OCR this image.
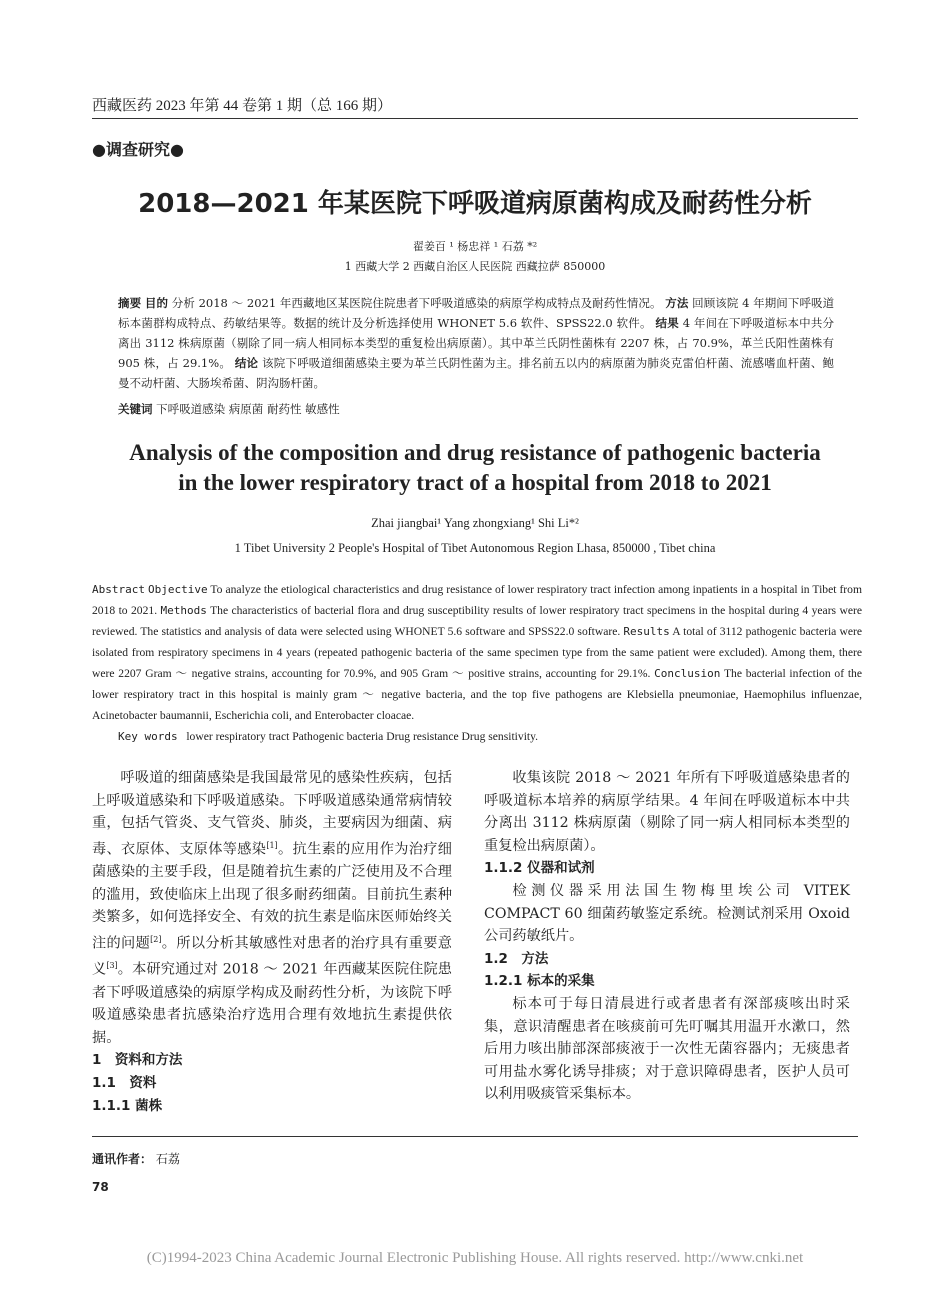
西藏医药 2023 年第 44 卷第 1 期（总 166 期）
●调查研究●
2018—2021 年某医院下呼吸道病原菌构成及耐药性分析
翟姜百 ¹ 杨忠祥 ¹ 石荔 *²
1 西藏大学 2 西藏自治区人民医院 西藏拉萨 850000
摘要 目的 分析 2018 ～ 2021 年西藏地区某医院住院患者下呼吸道感染的病原学构成特点及耐药性情况。 方法 回顾该院 4 年期间下呼吸道标本菌群构成特点、药敏结果等。数据的统计及分析选择使用 WHONET 5.6 软件、SPSS22.0 软件。 结果 4 年间在下呼吸道标本中共分离出 3112 株病原菌（剔除了同一病人相同标本类型的重复检出病原菌）。其中革兰氏阴性菌株有 2207 株，占 70.9%，革兰氏阳性菌株有 905 株，占 29.1%。 结论 该院下呼吸道细菌感染主要为革兰氏阴性菌为主。排名前五以内的病原菌为肺炎克雷伯杆菌、流感嗜血杆菌、鲍曼不动杆菌、大肠埃希菌、阴沟肠杆菌。
关键词 下呼吸道感染 病原菌 耐药性 敏感性
Analysis of the composition and drug resistance of pathogenic bacteria
in the lower respiratory tract of a hospital from 2018 to 2021
Zhai jiangbai¹ Yang zhongxiang¹ Shi Li*²
1 Tibet University 2 People's Hospital of Tibet Autonomous Region Lhasa, 850000 , Tibet china
Abstract Objective To analyze the etiological characteristics and drug resistance of lower respiratory tract infection among inpatients in a hospital in Tibet from 2018 to 2021. Methods The characteristics of bacterial flora and drug susceptibility results of lower respiratory tract specimens in the hospital during 4 years were reviewed. The statistics and analysis of data were selected using WHONET 5.6 software and SPSS22.0 software. Results A total of 3112 pathogenic bacteria were isolated from respiratory specimens in 4 years (repeated pathogenic bacteria of the same specimen type from the same patient were excluded). Among them, there were 2207 Gram ～ negative strains, accounting for 70.9%, and 905 Gram ～ positive strains, accounting for 29.1%. Conclusion The bacterial infection of the lower respiratory tract in this hospital is mainly gram ～ negative bacteria, and the top five pathogens are Klebsiella pneumoniae, Haemophilus influenzae, Acinetobacter baumannii, Escherichia coli, and Enterobacter cloacae.
Key words lower respiratory tract Pathogenic bacteria Drug resistance Drug sensitivity.

呼吸道的细菌感染是我国最常见的感染性疾病，包括上呼吸道感染和下呼吸道感染。下呼吸道感染通常病情较重，包括气管炎、支气管炎、肺炎，主要病因为细菌、病毒、衣原体、支原体等感染[1]。抗生素的应用作为治疗细菌感染的主要手段，但是随着抗生素的广泛使用及不合理的滥用，致使临床上出现了很多耐药细菌。目前抗生素种类繁多，如何选择安全、有效的抗生素是临床医师始终关注的问题[2]。所以分析其敏感性对患者的治疗具有重要意义[3]。本研究通过对 2018 ～ 2021 年西藏某医院住院患者下呼吸道感染的病原学构成及耐药性分析，为该院下呼吸道感染患者抗感染治疗选用合理有效地抗生素提供依据。

1　资料和方法

1.1　资料

1.1.1 菌株

收集该院 2018 ～ 2021 年所有下呼吸道感染患者的呼吸道标本培养的病原学结果。4 年间在呼吸道标本中共分离出 3112 株病原菌（剔除了同一病人相同标本类型的重复检出病原菌）。

1.1.2 仪器和试剂

检测仪器采用法国生物梅里埃公司 VITEK COMPACT 60 细菌药敏鉴定系统。检测试剂采用 Oxoid 公司药敏纸片。

1.2　方法

1.2.1 标本的采集

标本可于每日清晨进行或者患者有深部痰咳出时采集，意识清醒患者在咳痰前可先叮嘱其用温开水漱口，然后用力咳出肺部深部痰液于一次性无菌容器内；无痰患者可用盐水雾化诱导排痰；对于意识障碍患者，医护人员可以利用吸痰管采集标本。

通讯作者： 石荔
78
(C)1994-2023 China Academic Journal Electronic Publishing House. All rights reserved. http://www.cnki.net
